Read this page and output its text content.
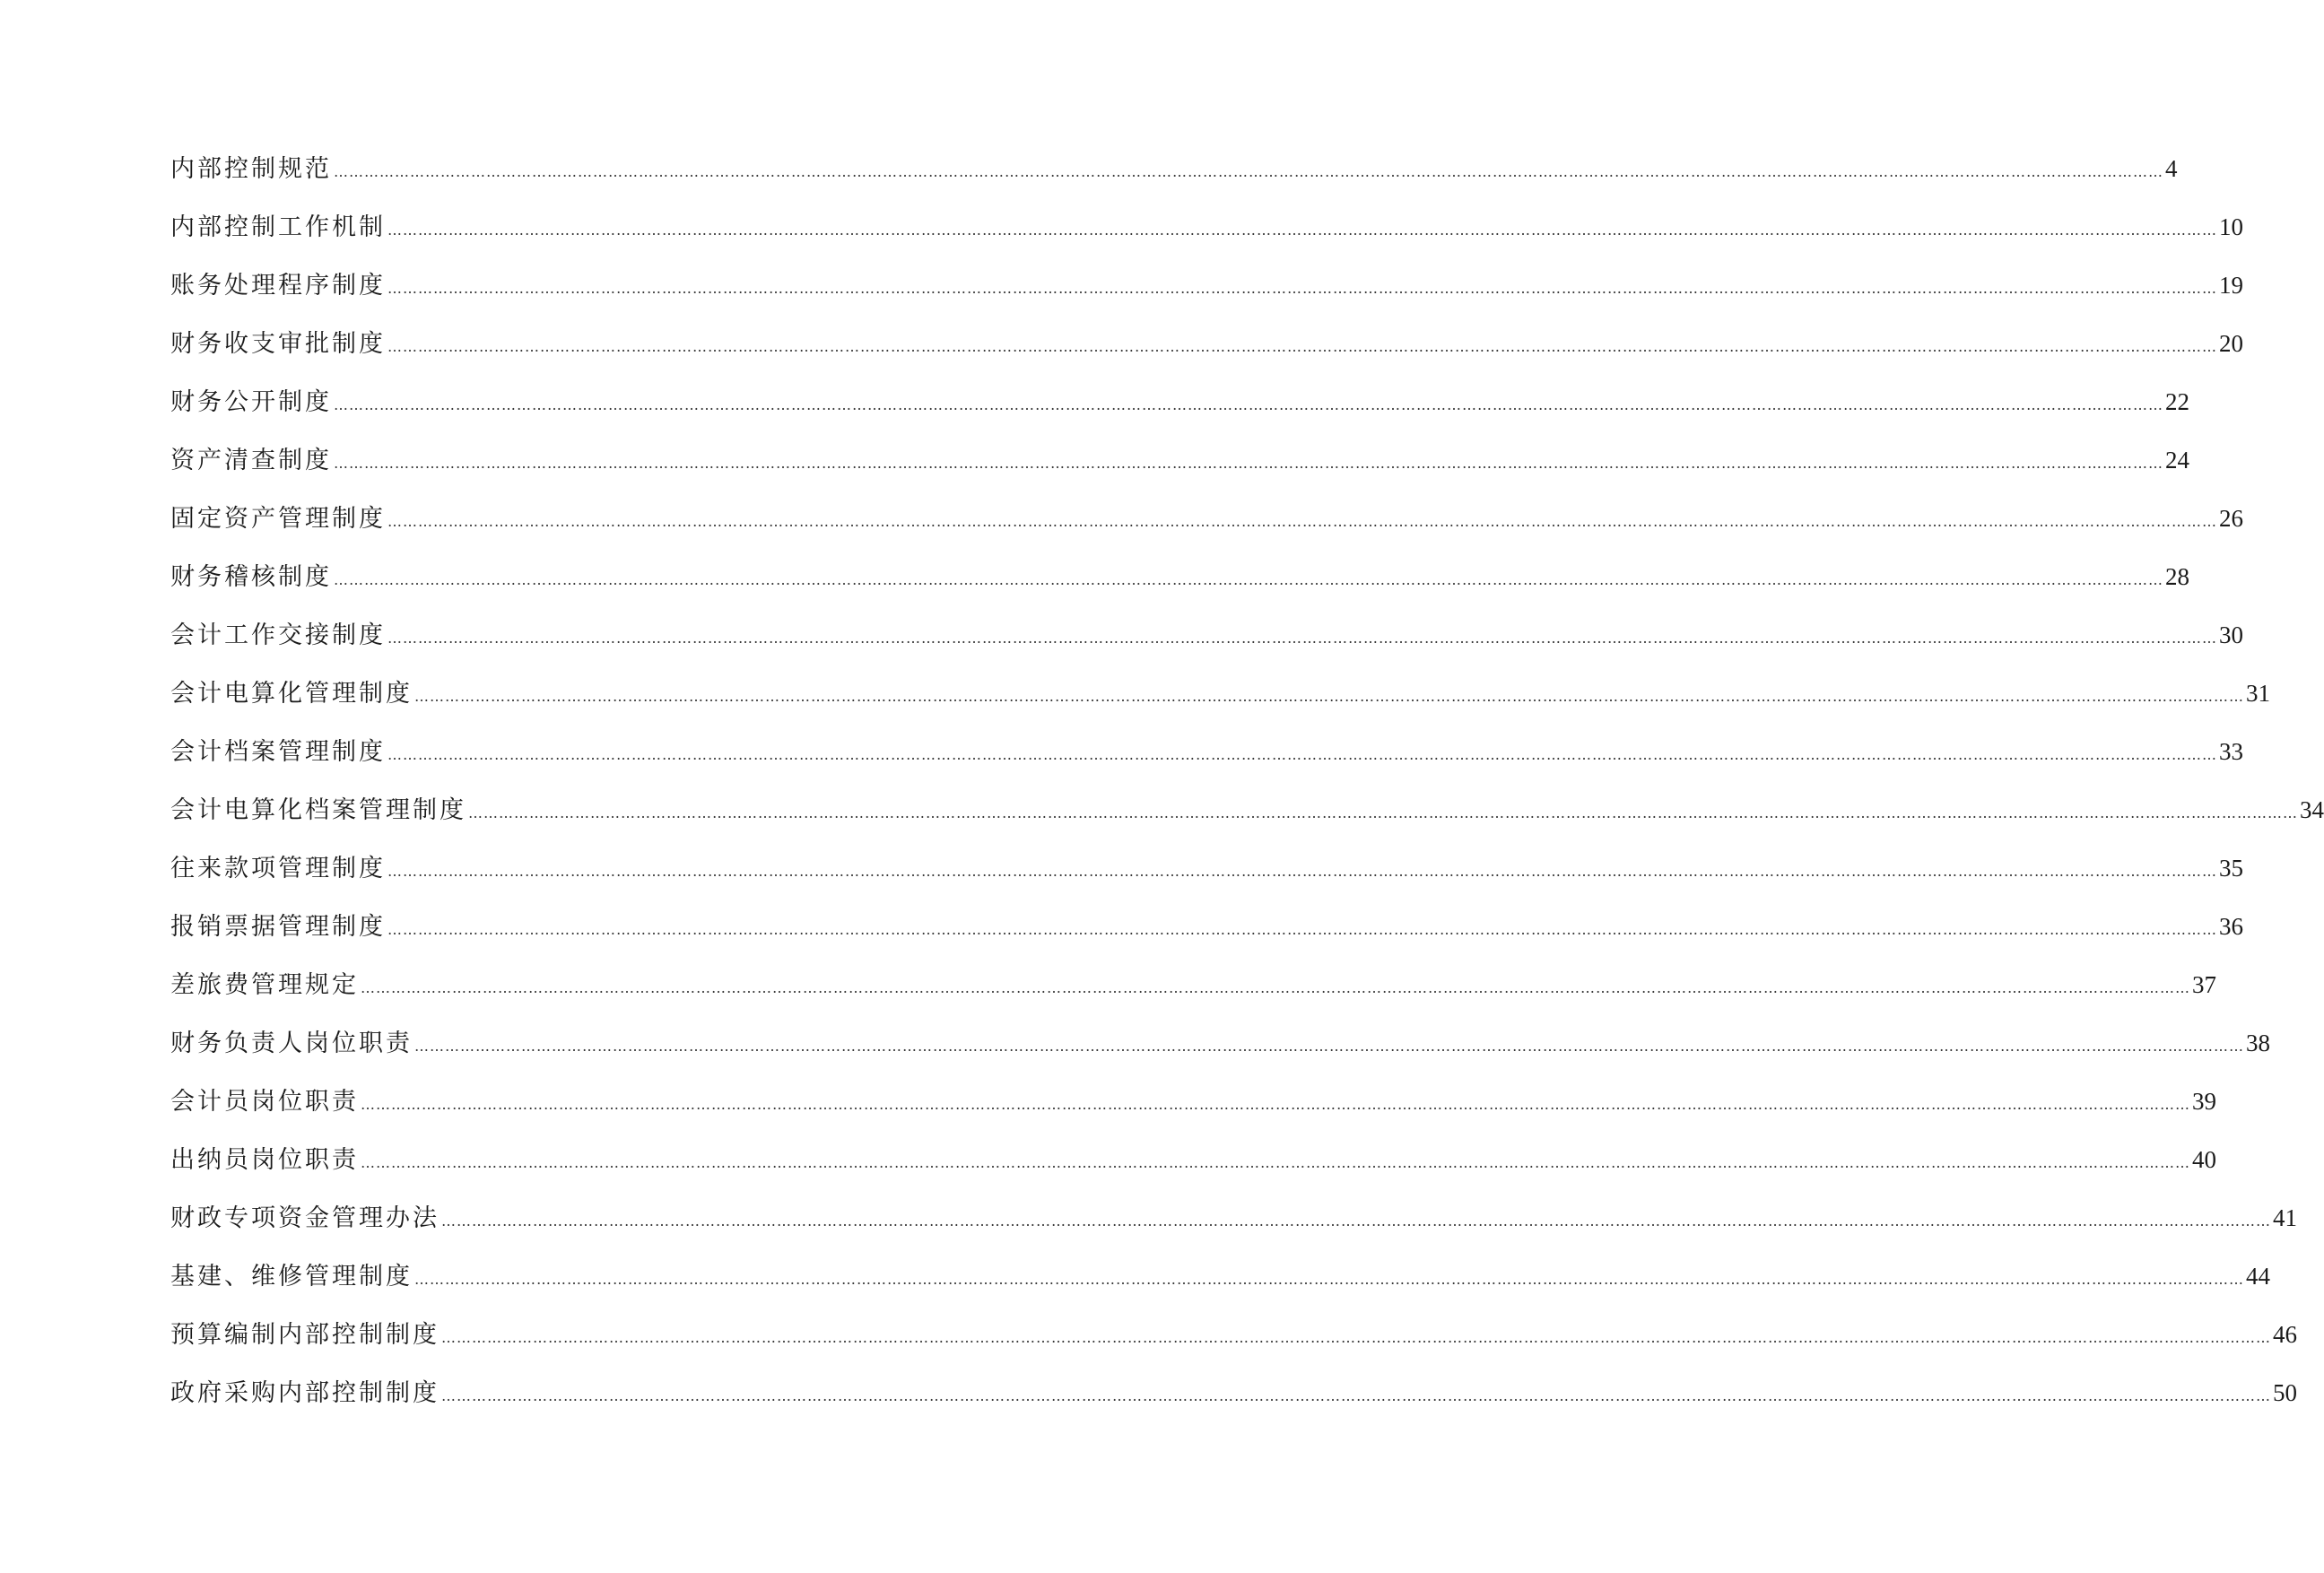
内部控制规范 ……………………………………………………………………………………………………………………………………………………………………………………………………………………………………………………………………………………………………………………………… 4
内部控制工作机制 ……………………………………………………………………………………………………………………………………………………………………………………………………………………………………………………………………………………………………………………………… 10
账务处理程序制度 ……………………………………………………………………………………………………………………………………………………………………………………………………………………………………………………………………………………………………………………………… 19
财务收支审批制度 ……………………………………………………………………………………………………………………………………………………………………………………………………………………………………………………………………………………………………………………………… 20
财务公开制度 ……………………………………………………………………………………………………………………………………………………………………………………………………………………………………………………………………………………………………………………………… 22
资产清查制度 ……………………………………………………………………………………………………………………………………………………………………………………………………………………………………………………………………………………………………………………………… 24
固定资产管理制度 ……………………………………………………………………………………………………………………………………………………………………………………………………………………………………………………………………………………………………………………………… 26
财务稽核制度 ……………………………………………………………………………………………………………………………………………………………………………………………………………………………………………………………………………………………………………………………… 28
会计工作交接制度 ……………………………………………………………………………………………………………………………………………………………………………………………………………………………………………………………………………………………………………………………… 30
会计电算化管理制度 ……………………………………………………………………………………………………………………………………………………………………………………………………………………………………………………………………………………………………………………………… 31
会计档案管理制度 ……………………………………………………………………………………………………………………………………………………………………………………………………………………………………………………………………………………………………………………………… 33
会计电算化档案管理制度 ……………………………………………………………………………………………………………………………………………………………………………………………………………………………………………………………………………………………………………………………… 34
往来款项管理制度 ……………………………………………………………………………………………………………………………………………………………………………………………………………………………………………………………………………………………………………………………… 35
报销票据管理制度 ……………………………………………………………………………………………………………………………………………………………………………………………………………………………………………………………………………………………………………………………… 36
差旅费管理规定 ……………………………………………………………………………………………………………………………………………………………………………………………………………………………………………………………………………………………………………………………… 37
财务负责人岗位职责 ……………………………………………………………………………………………………………………………………………………………………………………………………………………………………………………………………………………………………………………………… 38
会计员岗位职责 ……………………………………………………………………………………………………………………………………………………………………………………………………………………………………………………………………………………………………………………………… 39
出纳员岗位职责 ……………………………………………………………………………………………………………………………………………………………………………………………………………………………………………………………………………………………………………………………… 40
财政专项资金管理办法 ……………………………………………………………………………………………………………………………………………………………………………………………………………………………………………………………………………………………………………………………… 41
基建、维修管理制度 ……………………………………………………………………………………………………………………………………………………………………………………………………………………………………………………………………………………………………………………………… 44
预算编制内部控制制度 ……………………………………………………………………………………………………………………………………………………………………………………………………………………………………………………………………………………………………………………………… 46
政府采购内部控制制度 ……………………………………………………………………………………………………………………………………………………………………………………………………………………………………………………………………………………………………………………………… 50
